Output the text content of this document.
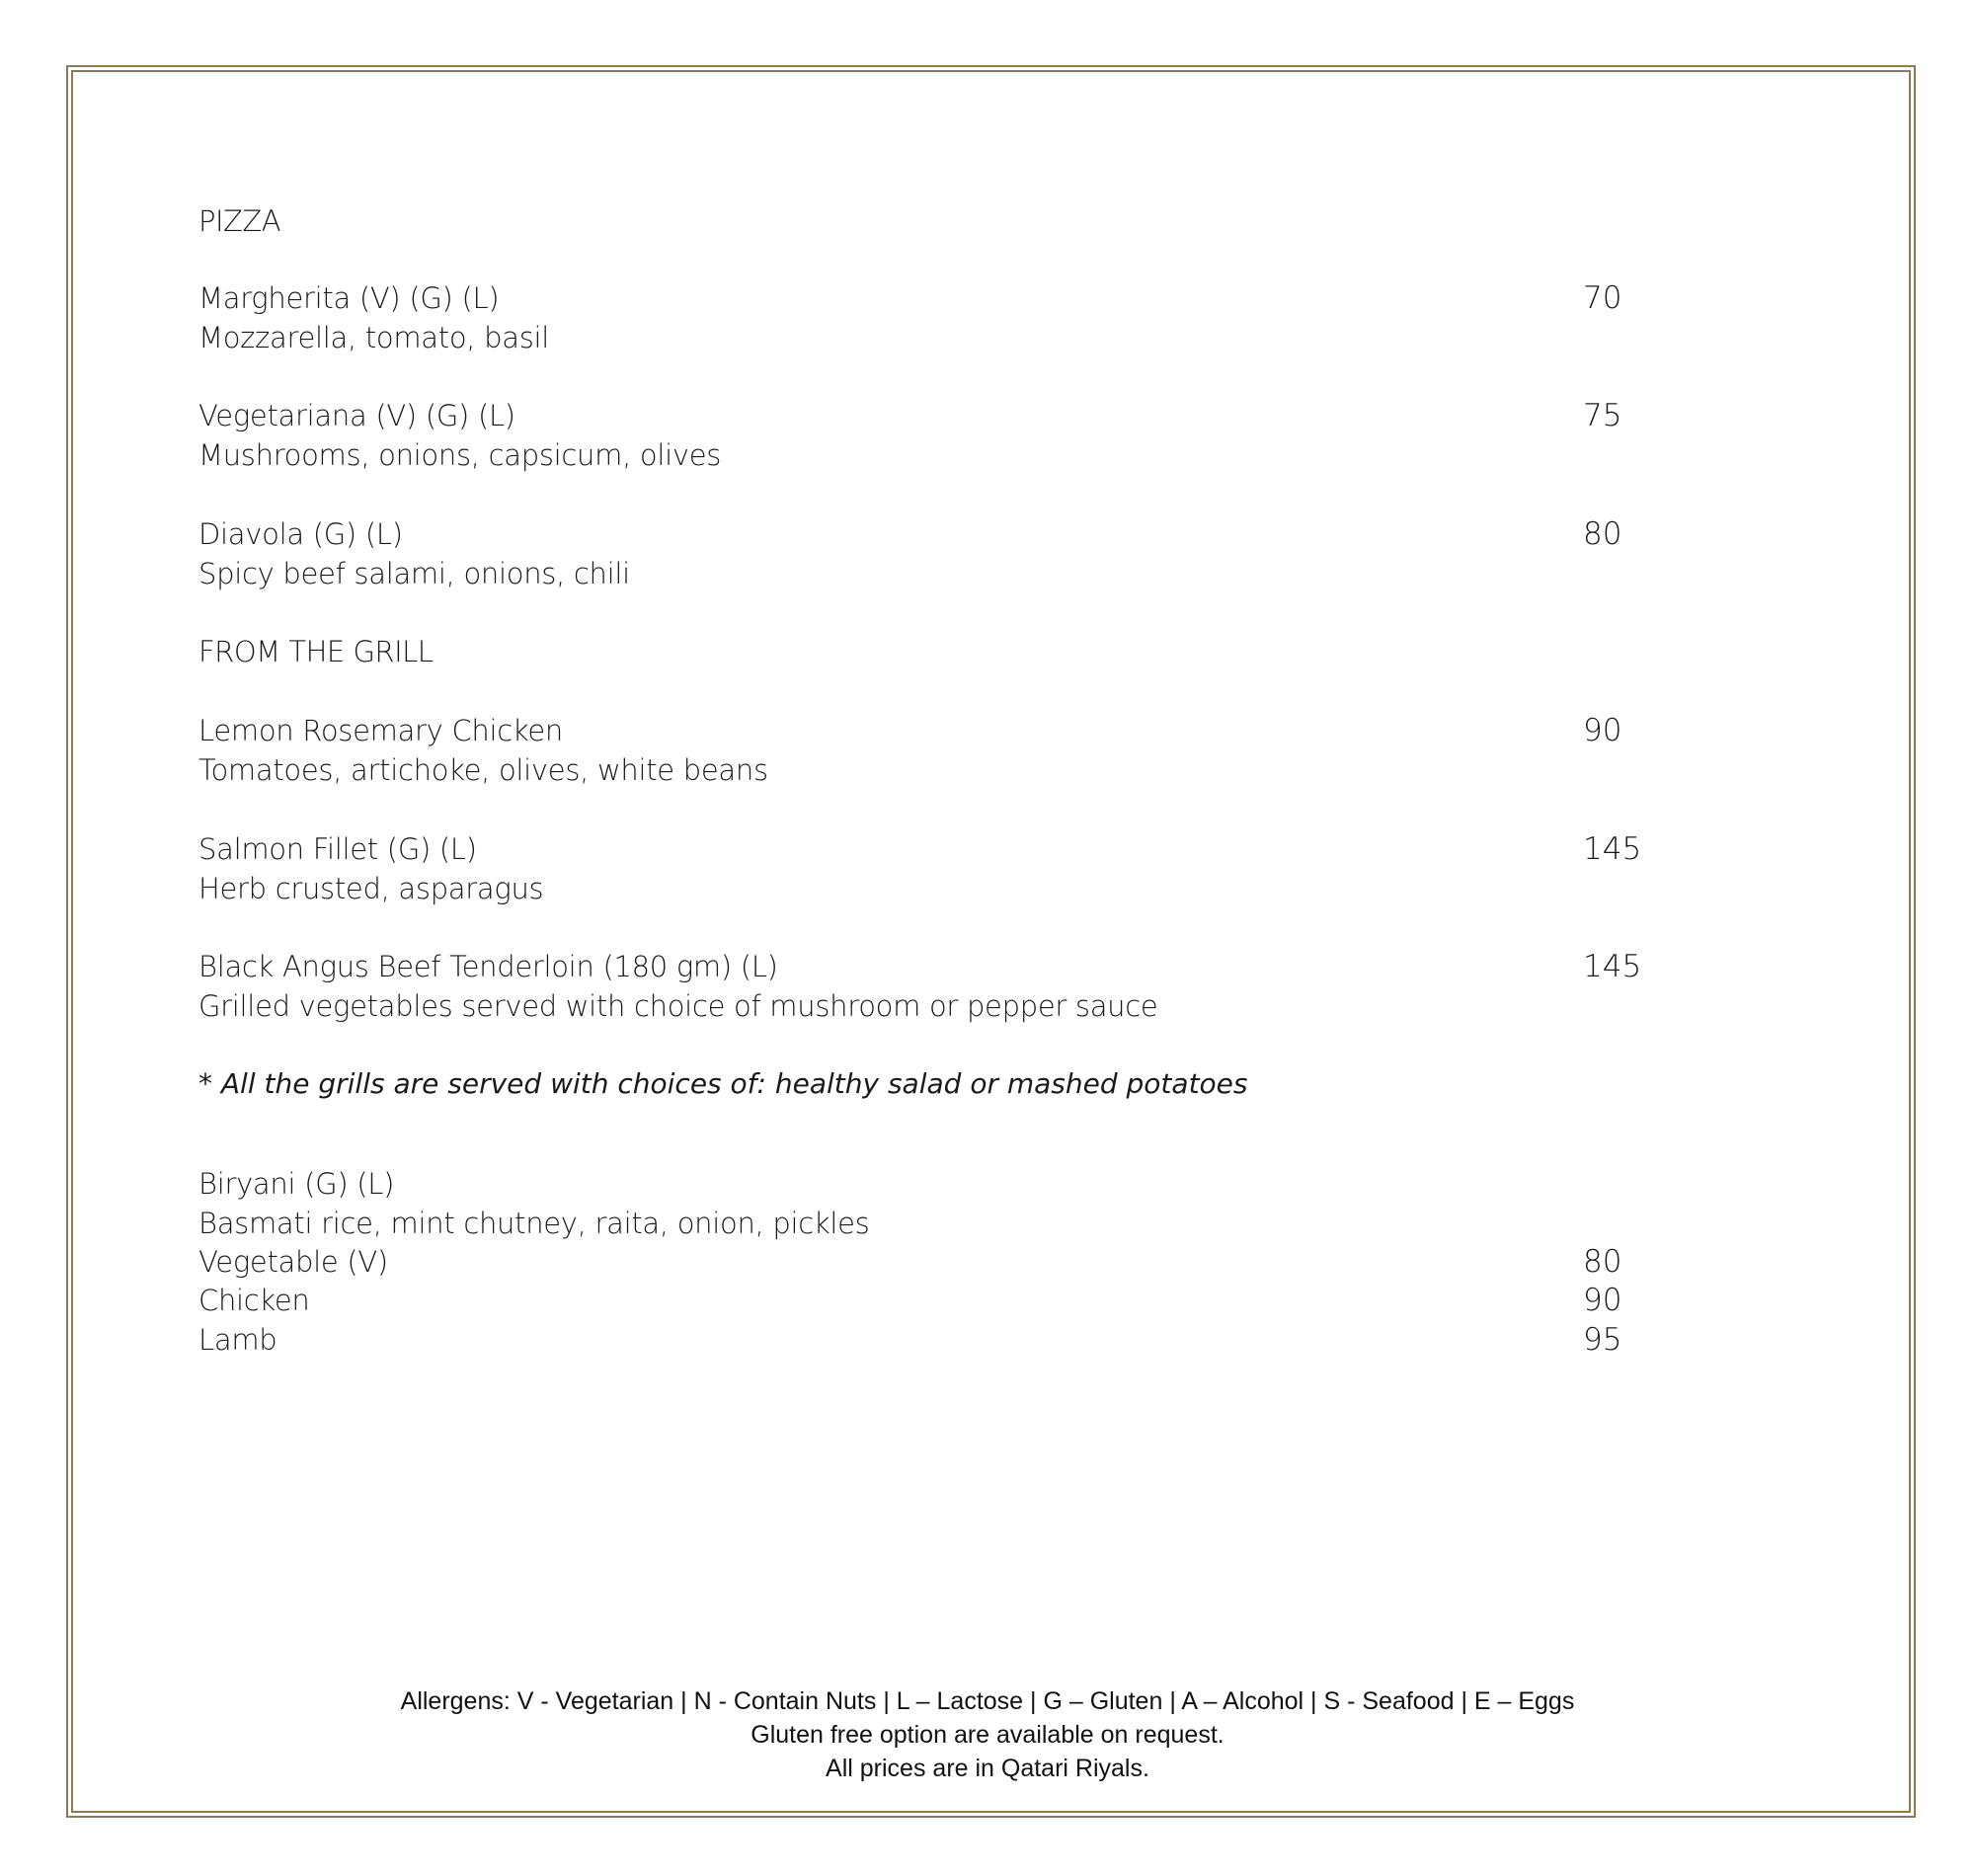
PIZZA
Margherita (V) (G) (L)	70
Mozzarella, tomato, basil
Vegetariana (V) (G) (L)	75
Mushrooms, onions, capsicum, olives
Diavola (G) (L)	80
Spicy beef salami, onions, chili
FROM THE GRILL
Lemon Rosemary Chicken	90
Tomatoes, artichoke, olives, white beans
Salmon Fillet (G) (L)	145
Herb crusted, asparagus
Black Angus Beef Tenderloin (180 gm) (L)	145
Grilled vegetables served with choice of mushroom or pepper sauce
* All the grills are served with choices of: healthy salad or mashed potatoes
Biryani (G) (L)
Basmati rice, mint chutney, raita, onion, pickles
Vegetable (V)	80
Chicken	90
Lamb	95
Allergens: V - Vegetarian | N - Contain Nuts | L – Lactose | G – Gluten | A – Alcohol | S - Seafood | E – Eggs
Gluten free option are available on request.
All prices are in Qatari Riyals.
